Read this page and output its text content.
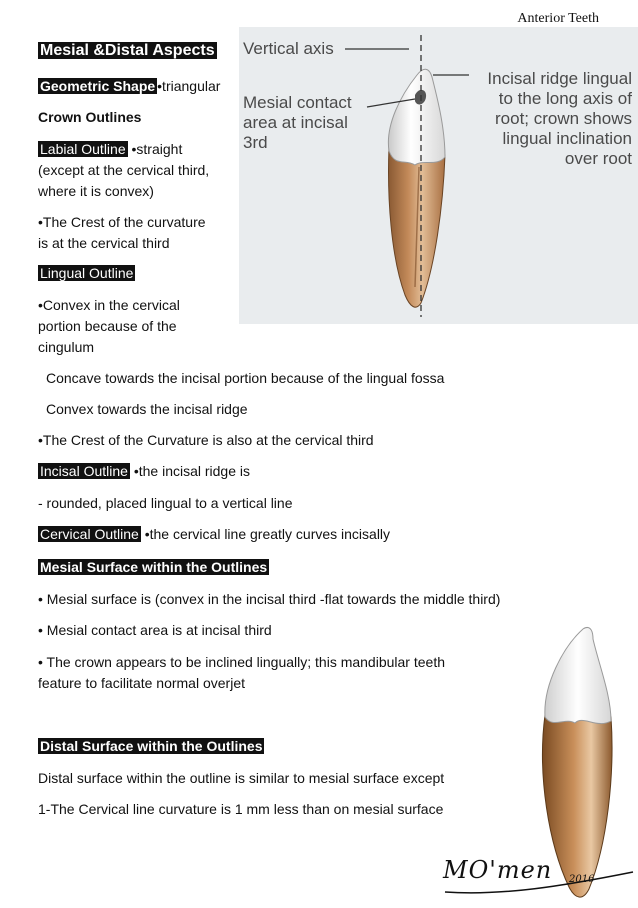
Anterior Teeth
Mesial &Distal Aspects
Geometric Shape •triangular
Crown Outlines
Labial Outline •straight
(except at the cervical third,
where it is convex)
•The Crest of the curvature
is at the cervical third
Lingual Outline
•Convex in the cervical
portion because of the
cingulum
Vertical axis
Mesial contact
area at incisal
3rd
Incisal ridge lingual
to the long axis of
root; crown shows
lingual inclination
over root
Concave towards the incisal portion because of the lingual fossa
Convex towards the incisal ridge
•The Crest of the Curvature is also at the cervical third
Incisal Outline •the incisal ridge is
- rounded, placed lingual to a vertical line
Cervical Outline •the cervical line greatly curves incisally
Mesial Surface within the Outlines
• Mesial surface is (convex in the incisal third -flat towards the middle third)
• Mesial contact area is at incisal third
• The crown appears to be inclined lingually; this mandibular teeth
feature to facilitate normal overjet
Distal Surface within the Outlines
Distal surface within the outline is similar to mesial surface except
1-The Cervical line curvature is 1 mm less than on mesial surface
MO'men 2016
